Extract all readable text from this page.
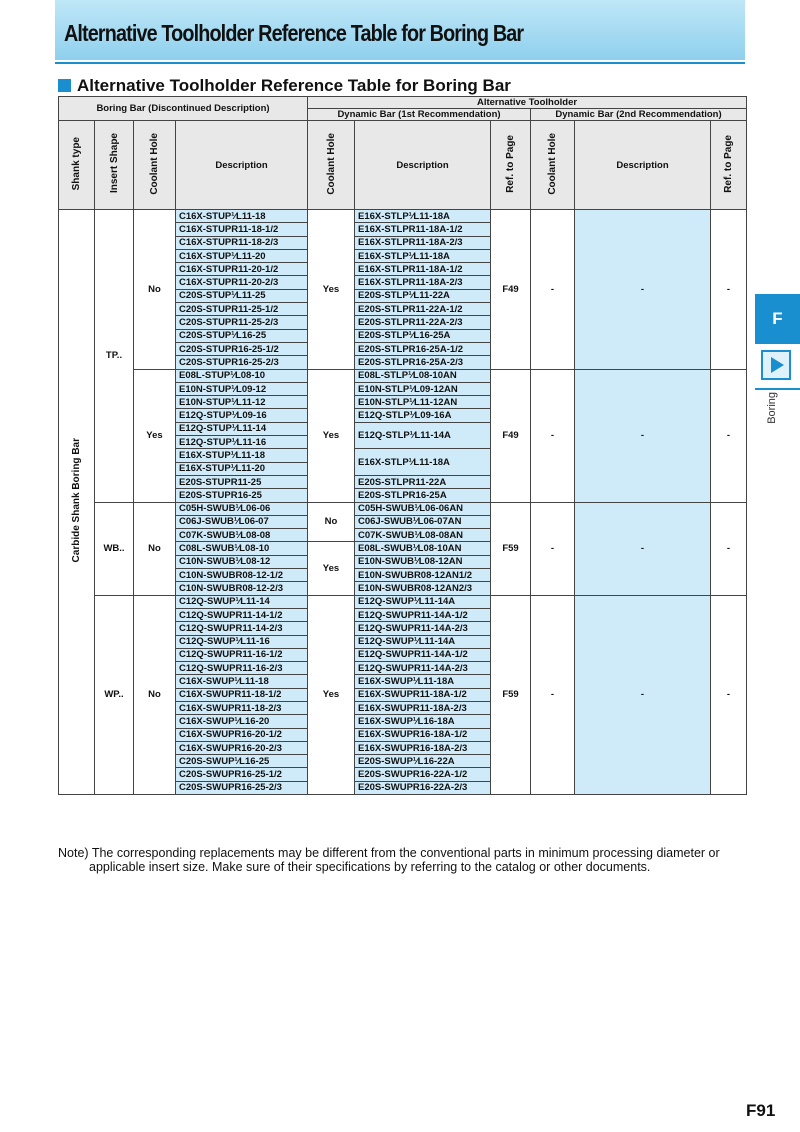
Alternative Toolholder Reference Table for Boring Bar
Alternative Toolholder Reference Table for Boring Bar
Boring Bar (Discontinued Description)				Alternative Toolholder					
				Dynamic Bar (1st Recommendation)			Dynamic Bar (2nd Recommendation)		
Shank type	Insert Shape	Coolant Hole	Description	Coolant Hole	Description	Ref. to Page	Coolant Hole	Description	Ref. to Page
Carbide Shank Boring Bar	TP..	No	C16X-STUP¹⁄L11-18	Yes	E16X-STLP¹⁄L11-18A	F49	-	-	-
			C16X-STUPR11-18-1/2		E16X-STLPR11-18A-1/2				
			C16X-STUPR11-18-2/3		E16X-STLPR11-18A-2/3				
			C16X-STUP¹⁄L11-20		E16X-STLP¹⁄L11-18A				
			C16X-STUPR11-20-1/2		E16X-STLPR11-18A-1/2				
			C16X-STUPR11-20-2/3		E16X-STLPR11-18A-2/3				
			C20S-STUP¹⁄L11-25		E20S-STLP¹⁄L11-22A				
			C20S-STUPR11-25-1/2		E20S-STLPR11-22A-1/2				
			C20S-STUPR11-25-2/3		E20S-STLPR11-22A-2/3				
			C20S-STUP¹⁄L16-25		E20S-STLP¹⁄L16-25A				
			C20S-STUPR16-25-1/2		E20S-STLPR16-25A-1/2				
			C20S-STUPR16-25-2/3		E20S-STLPR16-25A-2/3				
		Yes	E08L-STUP¹⁄L08-10	Yes	E08L-STLP¹⁄L08-10AN	F49	-	-	-
			E10N-STUP¹⁄L09-12		E10N-STLP¹⁄L09-12AN				
			E10N-STUP¹⁄L11-12		E10N-STLP¹⁄L11-12AN				
			E12Q-STUP¹⁄L09-16		E12Q-STLP¹⁄L09-16A				
			E12Q-STUP¹⁄L11-14		E12Q-STLP¹⁄L11-14A				
			E12Q-STUP¹⁄L11-16						
			E16X-STUP¹⁄L11-18		E16X-STLP¹⁄L11-18A				
			E16X-STUP¹⁄L11-20						
			E20S-STUPR11-25		E20S-STLPR11-22A				
			E20S-STUPR16-25		E20S-STLPR16-25A				
	WB..	No	C05H-SWUB¹⁄L06-06	No	C05H-SWUB¹⁄L06-06AN	F59	-	-	-
			C06J-SWUB¹⁄L06-07		C06J-SWUB¹⁄L06-07AN				
			C07K-SWUB¹⁄L08-08		C07K-SWUB¹⁄L08-08AN				
			C08L-SWUB¹⁄L08-10	Yes	E08L-SWUB¹⁄L08-10AN				
			C10N-SWUB¹⁄L08-12		E10N-SWUB¹⁄L08-12AN				
			C10N-SWUBR08-12-1/2		E10N-SWUBR08-12AN1/2				
			C10N-SWUBR08-12-2/3		E10N-SWUBR08-12AN2/3				
	WP..	No	C12Q-SWUP¹⁄L11-14	Yes	E12Q-SWUP¹⁄L11-14A	F59	-	-	-
			C12Q-SWUPR11-14-1/2		E12Q-SWUPR11-14A-1/2				
			C12Q-SWUPR11-14-2/3		E12Q-SWUPR11-14A-2/3				
			C12Q-SWUP¹⁄L11-16		E12Q-SWUP¹⁄L11-14A				
			C12Q-SWUPR11-16-1/2		E12Q-SWUPR11-14A-1/2				
			C12Q-SWUPR11-16-2/3		E12Q-SWUPR11-14A-2/3				
			C16X-SWUP¹⁄L11-18		E16X-SWUP¹⁄L11-18A				
			C16X-SWUPR11-18-1/2		E16X-SWUPR11-18A-1/2				
			C16X-SWUPR11-18-2/3		E16X-SWUPR11-18A-2/3				
			C16X-SWUP¹⁄L16-20		E16X-SWUP¹⁄L16-18A				
			C16X-SWUPR16-20-1/2		E16X-SWUPR16-18A-1/2				
			C16X-SWUPR16-20-2/3		E16X-SWUPR16-18A-2/3				
			C20S-SWUP¹⁄L16-25		E20S-SWUP¹⁄L16-22A				
			C20S-SWUPR16-25-1/2		E20S-SWUPR16-22A-1/2				
			C20S-SWUPR16-25-2/3		E20S-SWUPR16-22A-2/3				
Note) The corresponding replacements may be different from the conventional parts in minimum processing diameter or
applicable insert size. Make sure of their specifications by referring to the catalog or other documents.
F
Boring
F91
